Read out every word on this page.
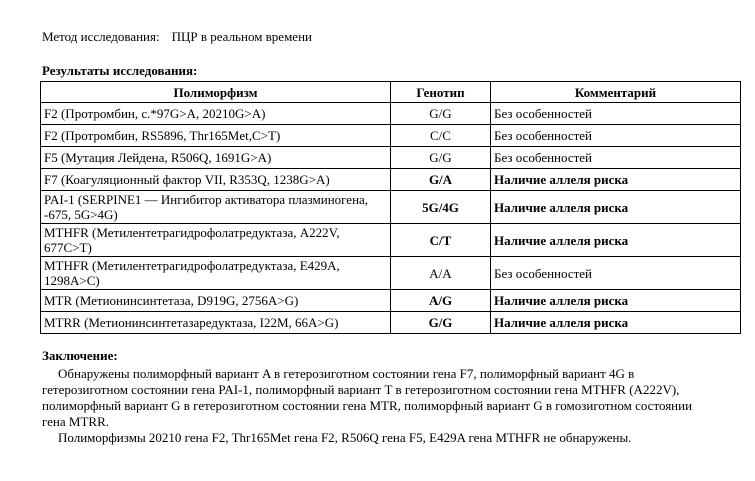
Метод исследования: ПЦР в реальном времени
Результаты исследования:
Полиморфизм	Генотип	Комментарий
F2 (Протромбин, с.*97G>A, 20210G>A)	G/G	Без особенностей
F2 (Протромбин, RS5896, Thr165Met,C>T)	C/C	Без особенностей
F5 (Мутация Лейдена, R506Q, 1691G>A)	G/G	Без особенностей
F7 (Коагуляционный фактор VII, R353Q, 1238G>A)	G/A	Наличие аллеля риска
PAI-1 (SERPINE1 — Ингибитор активатора плазминогена, -675, 5G>4G)	5G/4G	Наличие аллеля риска
MTHFR (Метилентетрагидрофолатредуктаза, A222V, 677C>T)	C/T	Наличие аллеля риска
MTHFR (Метилентетрагидрофолатредуктаза, E429A, 1298A>C)	A/A	Без особенностей
MTR (Метионинсинтетаза, D919G, 2756A>G)	A/G	Наличие аллеля риска
MTRR (Метионинсинтетазаредуктаза, I22M, 66A>G)	G/G	Наличие аллеля риска
Заключение:

Обнаружены полиморфный вариант A в гетерозиготном состоянии гена F7, полиморфный вариант 4G в гетерозиготном состоянии гена PAI-1, полиморфный вариант T в гетерозиготном состоянии гена MTHFR (A222V), полиморфный вариант G в гетерозиготном состоянии гена MTR, полиморфный вариант G в гомозиготном состоянии гена MTRR.

Полиморфизмы 20210 гена F2, Thr165Met гена F2, R506Q гена F5, E429A гена MTHFR не обнаружены.
